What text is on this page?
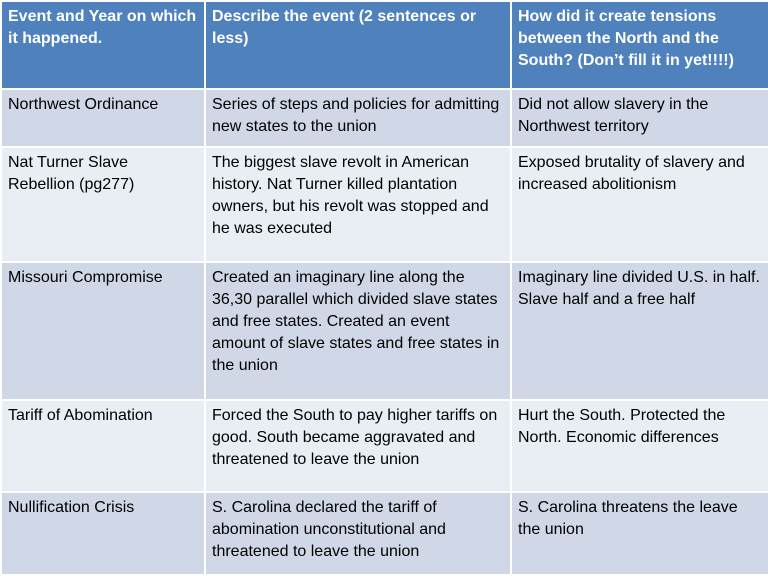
Event and Year on which it happened.	Describe the event (2 sentences or less)	How did it create tensions between the North and the South? (Don’t fill it in yet!!!!)
Northwest Ordinance	Series of steps and policies for admitting new states to the union	Did not allow slavery in the Northwest territory
Nat Turner Slave Rebellion (pg277)	The biggest slave revolt in American history. Nat Turner killed plantation owners, but his revolt was stopped and he was executed	Exposed brutality of slavery and increased abolitionism
Missouri Compromise	Created an imaginary line along the 36,30 parallel which divided slave states and free states. Created an event amount of slave states and free states in the union	Imaginary line divided U.S. in half. Slave half and a free half
Tariff of Abomination	Forced the South to pay higher tariffs on good. South became aggravated and threatened to leave the union	Hurt the South. Protected the North. Economic differences
Nullification Crisis	S. Carolina declared the tariff of abomination unconstitutional and threatened to leave the union	S. Carolina threatens the leave the union
